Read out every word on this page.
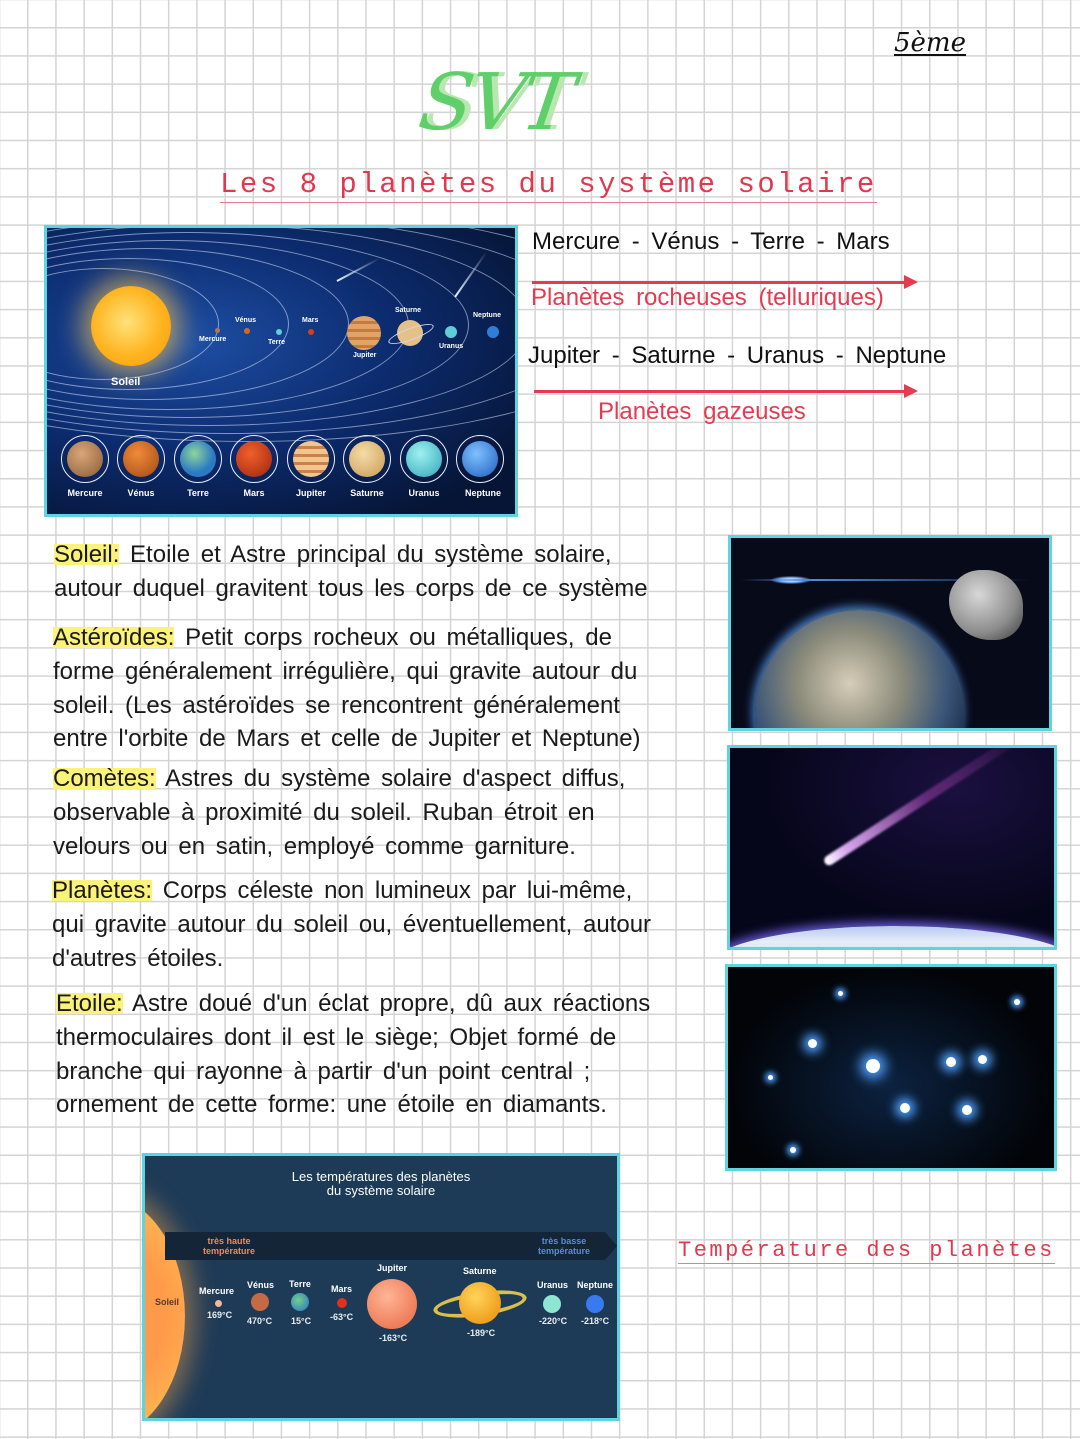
5ème
SVT
Les 8 planètes du système solaire
Soleil
Mercure
Vénus
Terre
Mars
Jupiter
Saturne
Uranus
Neptune
Mercure	Vénus	Terre	Mars	Jupiter	Saturne	Uranus	Neptune
Mercure - Vénus - Terre - Mars
Planètes rocheuses (telluriques)
Jupiter - Saturne - Uranus - Neptune
Planètes gazeuses
Soleil: Etoile et Astre principal du système solaire,
autour duquel gravitent tous les corps de ce système
Astéroïdes: Petit corps rocheux ou métalliques, de
forme généralement irrégulière, qui gravite autour du
soleil. (Les astéroïdes se rencontrent généralement
entre l'orbite de Mars et celle de Jupiter et Neptune)
Comètes: Astres du système solaire d'aspect diffus,
observable à proximité du soleil. Ruban étroit en
velours ou en satin, employé comme garniture.
Planètes: Corps céleste non lumineux par lui-même,
qui gravite autour du soleil ou, éventuellement, autour
d'autres étoiles.
Etoile: Astre doué d'un éclat propre, dû aux réactions
thermoculaires dont il est le siège; Objet formé de
branche qui rayonne à partir d'un point central ;
ornement de cette forme: une étoile en diamants.
Les températures des planètes
du système solaire
très haute
température
très basse
température
Soleil
Mercure
169°C
Vénus
470°C
Terre
15°C
Mars
-63°C
Jupiter
-163°C
Saturne
-189°C
Uranus
-220°C
Neptune
-218°C
Température des planètes
